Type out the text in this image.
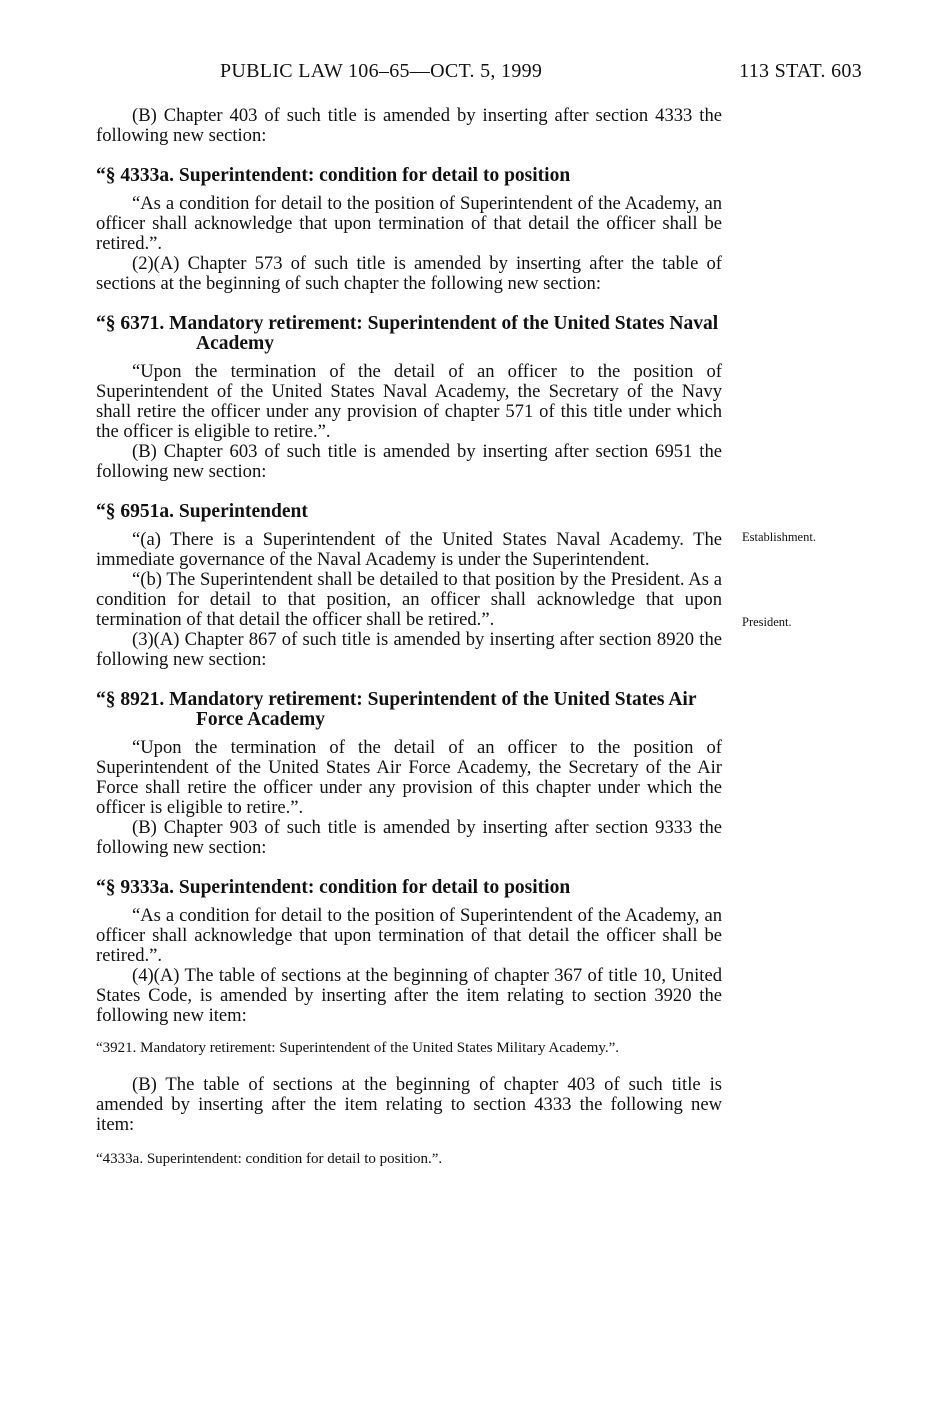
PUBLIC LAW 106–65—OCT. 5, 1999	113 STAT. 603

(B) Chapter 403 of such title is amended by inserting after section 4333 the following new section:

“§ 4333a. Superintendent: condition for detail to position

“As a condition for detail to the position of Superintendent of the Academy, an officer shall acknowledge that upon termination of that detail the officer shall be retired.”.

(2)(A) Chapter 573 of such title is amended by inserting after the table of sections at the beginning of such chapter the following new section:

“§ 6371. Mandatory retirement: Superintendent of the United States Naval Academy

“Upon the termination of the detail of an officer to the position of Superintendent of the United States Naval Academy, the Secretary of the Navy shall retire the officer under any provision of chapter 571 of this title under which the officer is eligible to retire.”.

(B) Chapter 603 of such title is amended by inserting after section 6951 the following new section:

“§ 6951a. Superintendent

“(a) There is a Superintendent of the United States Naval Academy. The immediate governance of the Naval Academy is under the Superintendent.

“(b) The Superintendent shall be detailed to that position by the President. As a condition for detail to that position, an officer shall acknowledge that upon termination of that detail the officer shall be retired.”.

(3)(A) Chapter 867 of such title is amended by inserting after section 8920 the following new section:

“§ 8921. Mandatory retirement: Superintendent of the United States Air Force Academy

“Upon the termination of the detail of an officer to the position of Superintendent of the United States Air Force Academy, the Secretary of the Air Force shall retire the officer under any provision of this chapter under which the officer is eligible to retire.”.

(B) Chapter 903 of such title is amended by inserting after section 9333 the following new section:

“§ 9333a. Superintendent: condition for detail to position

“As a condition for detail to the position of Superintendent of the Academy, an officer shall acknowledge that upon termination of that detail the officer shall be retired.”.

(4)(A) The table of sections at the beginning of chapter 367 of title 10, United States Code, is amended by inserting after the item relating to section 3920 the following new item:

“3921. Mandatory retirement: Superintendent of the United States Military Academy.”.

(B) The table of sections at the beginning of chapter 403 of such title is amended by inserting after the item relating to section 4333 the following new item:

“4333a. Superintendent: condition for detail to position.”.
Establishment.
President.
